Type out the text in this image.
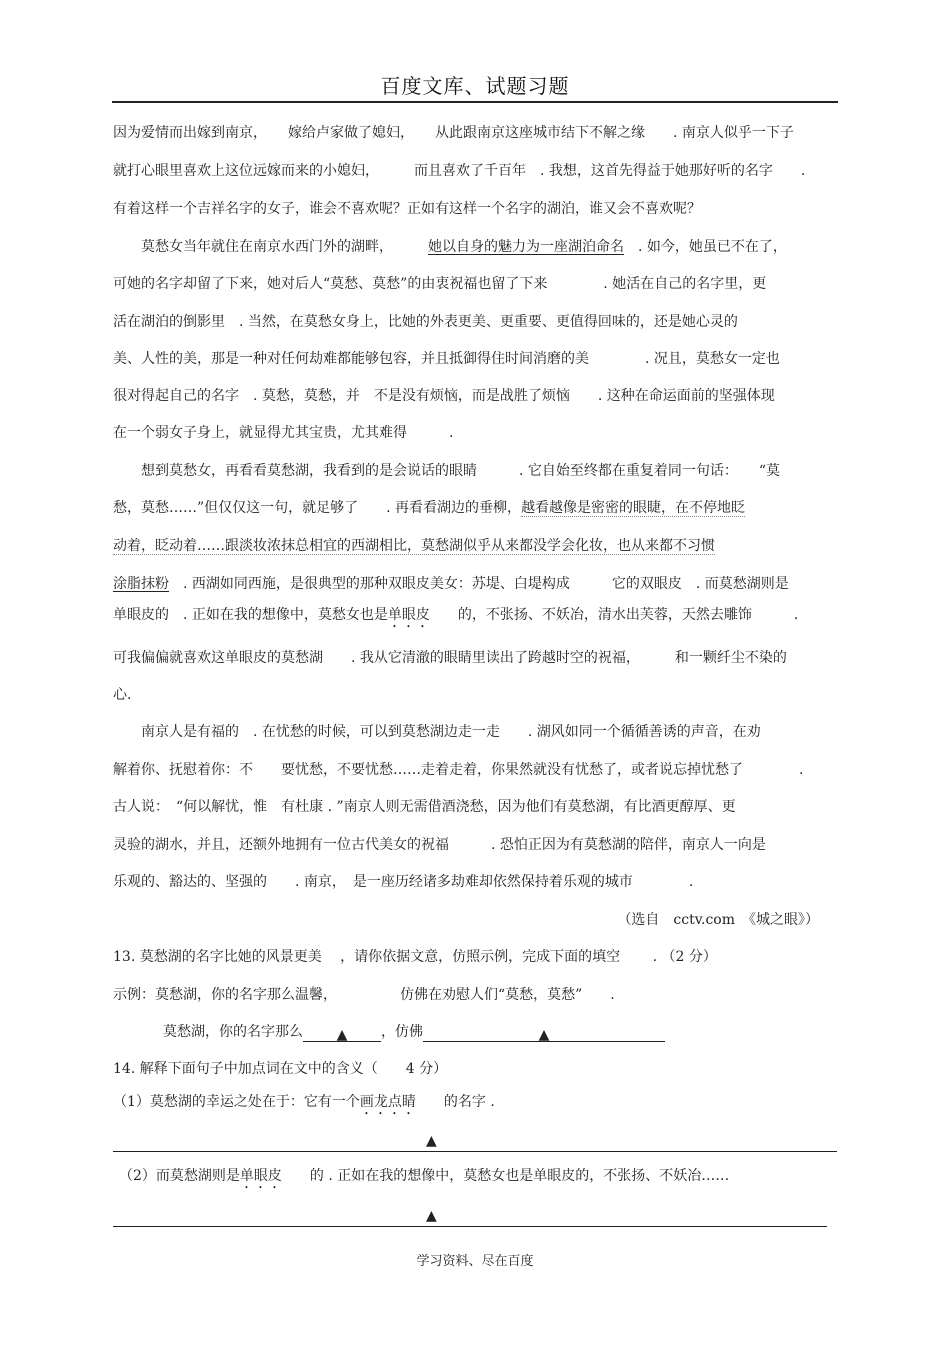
百度文库、试题习题
因为爱情而出嫁到南京，　　嫁给卢家做了媳妇，　　从此跟南京这座城市结下不解之缘　　. 南京人似乎一下子
就打心眼里喜欢上这位远嫁而来的小媳妇，　　　而且喜欢了千百年　. 我想，这首先得益于她那好听的名字　　.
有着这样一个吉祥名字的女子，谁会不喜欢呢？正如有这样一个名字的湖泊，谁又会不喜欢呢？
　　莫愁女当年就住在南京水西门外的湖畔，　　　她以自身的魅力为一座湖泊命名　. 如今，她虽已不在了，
可她的名字却留了下来，她对后人“莫愁、莫愁”的由衷祝福也留了下来　　　　. 她活在自己的名字里，更
活在湖泊的倒影里　. 当然，在莫愁女身上，比她的外表更美、更重要、更值得回味的，还是她心灵的
美、人性的美，那是一种对任何劫难都能够包容，并且抵御得住时间消磨的美　　　　. 况且，莫愁女一定也
很对得起自己的名字　. 莫愁，莫愁，并　不是没有烦恼，而是战胜了烦恼　　. 这种在命运面前的坚强体现
在一个弱女子身上，就显得尤其宝贵，尤其难得　　　.
　　想到莫愁女，再看看莫愁湖，我看到的是会说话的眼睛　　　. 它自始至终都在重复着同一句话：　　“莫
愁，莫愁……”但仅仅这一句，就足够了　　. 再看看湖边的垂柳，越看越像是密密的眼睫，在不停地眨
动着，眨动着……跟淡妆浓抹总相宜的西湖相比，莫愁湖似乎从来都没学会化妆，也从来都不习惯
涂脂抹粉　. 西湖如同西施，是很典型的那种双眼皮美女：苏堤、白堤构成　　　它的双眼皮　. 而莫愁湖则是
单眼皮的　. 正如在我的想像中，莫愁女也是单眼皮　　的，不张扬、不妖冶，清水出芙蓉，天然去雕饰　　　.
可我偏偏就喜欢这单眼皮的莫愁湖　　. 我从它清澈的眼睛里读出了跨越时空的祝福，　　　和一颗纤尘不染的
心.
　　南京人是有福的　. 在忧愁的时候，可以到莫愁湖边走一走　　. 湖风如同一个循循善诱的声音，在劝
解着你、抚慰着你：不　　要忧愁，不要忧愁……走着走着，你果然就没有忧愁了，或者说忘掉忧愁了　　　　.
古人说：　“何以解忧，惟　有杜康 . ”南京人则无需借酒浇愁，因为他们有莫愁湖，有比酒更醇厚、更
灵验的湖水，并且，还额外地拥有一位古代美女的祝福　　　. 恐怕正因为有莫愁湖的陪伴，南京人一向是
乐观的、豁达的、坚强的　　. 南京，　是一座历经诸多劫难却依然保持着乐观的城市　　　　.
（选自　cctv.com　《城之眼》）
13. 莫愁湖的名字比她的风景更美　 ，请你依据文意，仿照示例，完成下面的填空　　 . （2 分）
示例：莫愁湖，你的名字那么温馨，　　　　　仿佛在劝慰人们“莫愁，莫愁”　　.
莫愁湖，你的名字那么 ▲ ，仿佛	▲
14. 解释下面句子中加点词在文中的含义（　　4 分）
（1）莫愁湖的幸运之处在于：它有一个画龙点睛　　的名字 .
▲
（2）而莫愁湖则是单眼皮　　的 . 正如在我的想像中，莫愁女也是单眼皮的，不张扬、不妖冶……
▲
学习资料、尽在百度
